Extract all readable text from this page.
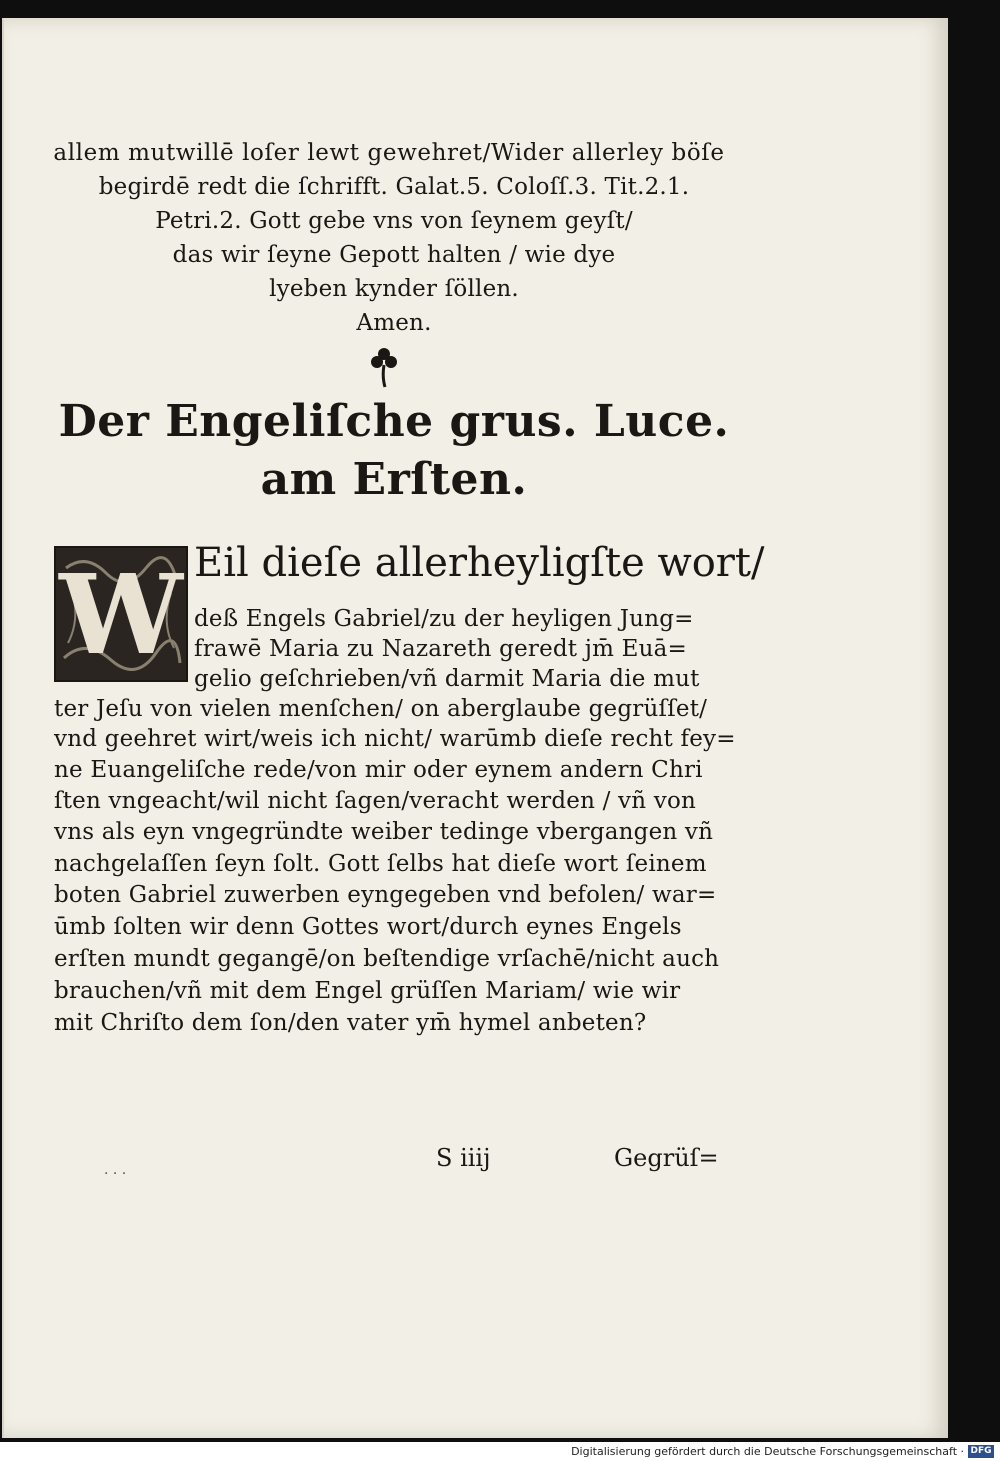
allem mutwillē loſer lewt gewehret/Wider allerley böſe
begirdē redt die ſchrifft. Galat.5. Coloſſ.3. Tit.2.1.
Petri.2. Gott gebe vns von ſeynem geyſt/
das wir ſeyne Gepott halten / wie dye
lyeben kynder ſöllen.
Amen.
Der Engeliſche grus. Luce.
am Erſten.
W Eil dieſe allerheyligſte wort/
deß Engels Gabriel/zu der heyligen Jung=
frawē Maria zu Nazareth geredt jm̄ Euā=
gelio geſchrieben/vñ darmit Maria die mut
ter Jeſu von vielen menſchen/ on aberglaube gegrüſſet/
vnd geehret wirt/weis ich nicht/ warūmb dieſe recht fey=
ne Euangeliſche rede/von mir oder eynem andern Chri
ſten vngeacht/wil nicht ſagen/veracht werden / vñ von
vns als eyn vngegründte weiber tedinge vbergangen vñ
nachgelaſſen ſeyn ſolt. Gott ſelbs hat dieſe wort ſeinem
boten Gabriel zuwerben eyngegeben vnd befolen/ war=
ūmb ſolten wir denn Gottes wort/durch eynes Engels
erſten mundt gegangē/on beſtendige vrſachē/nicht auch
brauchen/vñ mit dem Engel grüſſen Mariam/ wie wir
mit Chriſto dem ſon/den vater ym̄ hymel anbeten?
· · ·
S iiij	Gegrüſ=
Digitalisierung gefördert durch die Deutsche Forschungsgemeinschaft · DFG
